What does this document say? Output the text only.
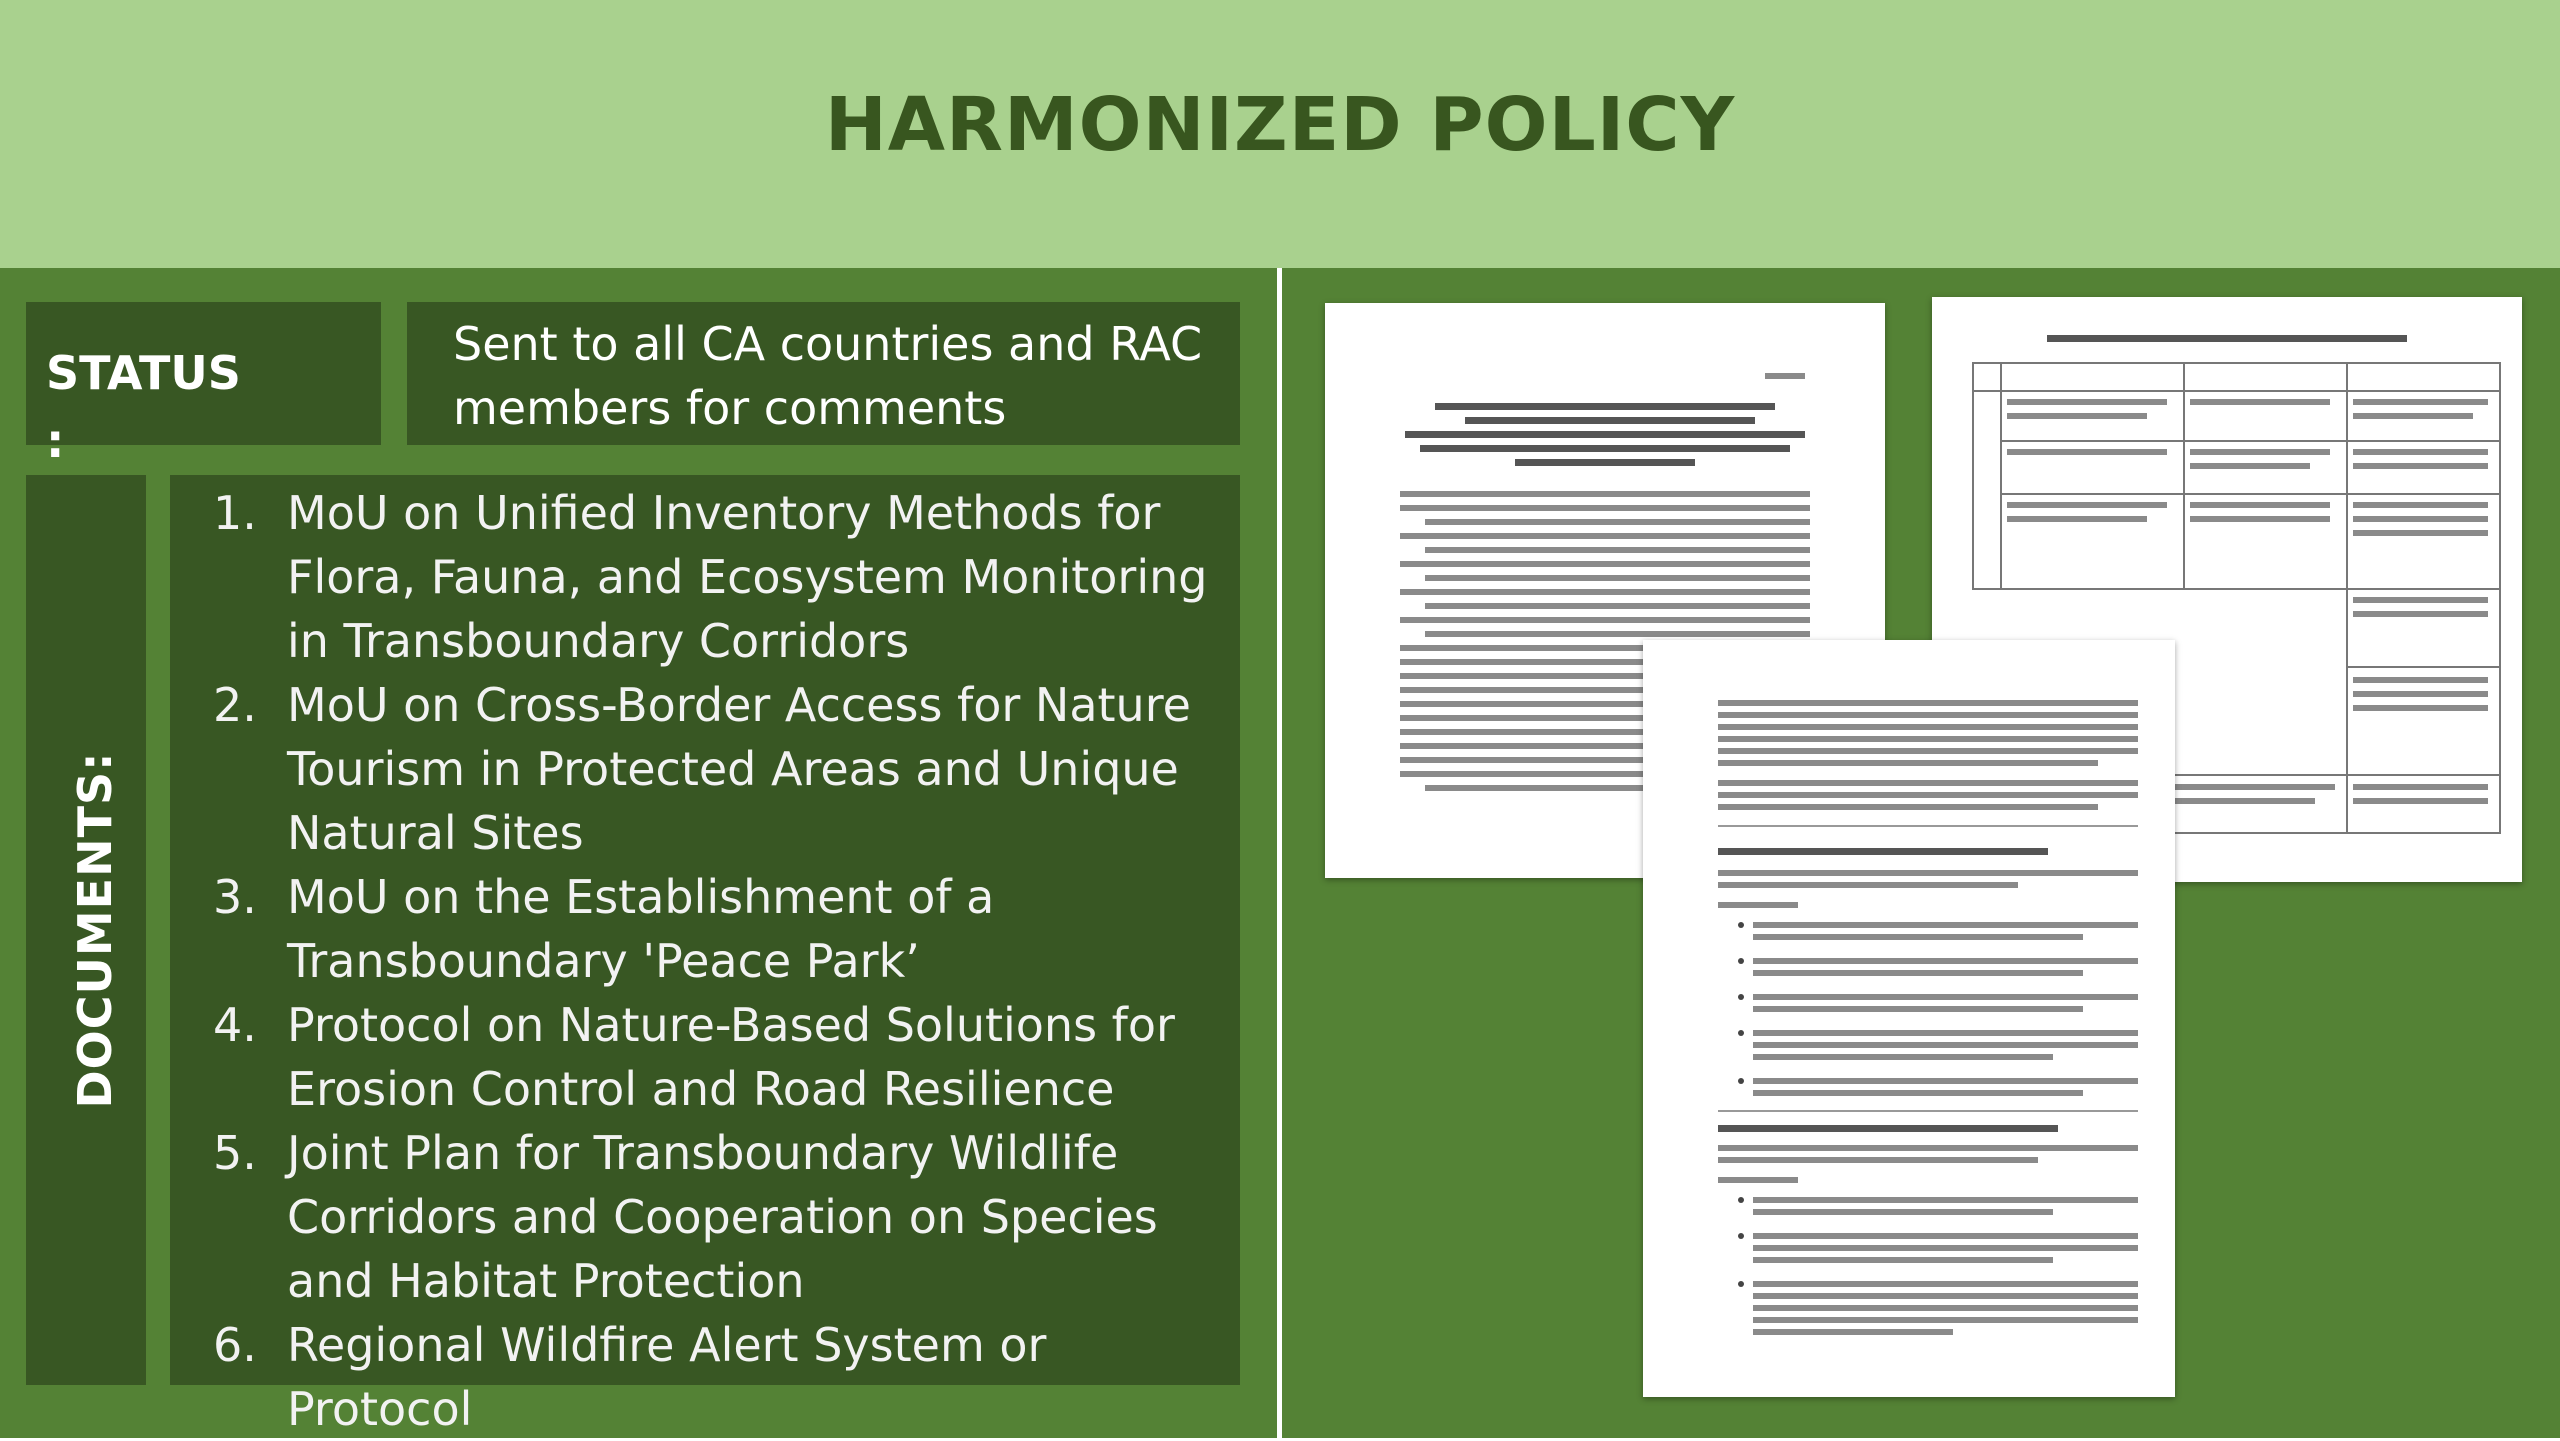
HARMONIZED POLICY
STATUS
:
Sent to all CA countries and RAC members for comments
DOCUMENTS:
1. MoU on Unified Inventory Methods for Flora, Fauna, and Ecosystem Monitoring in Transboundary Corridors
2. MoU on Cross-Border Access for Nature Tourism in Protected Areas and Unique Natural Sites
3. MoU on the Establishment of a Transboundary 'Peace Park’
4. Protocol on Nature-Based Solutions for Erosion Control and Road Resilience
5. Joint Plan for Transboundary Wildlife Corridors and Cooperation on Species and Habitat Protection
6. Regional Wildfire Alert System or Protocol
